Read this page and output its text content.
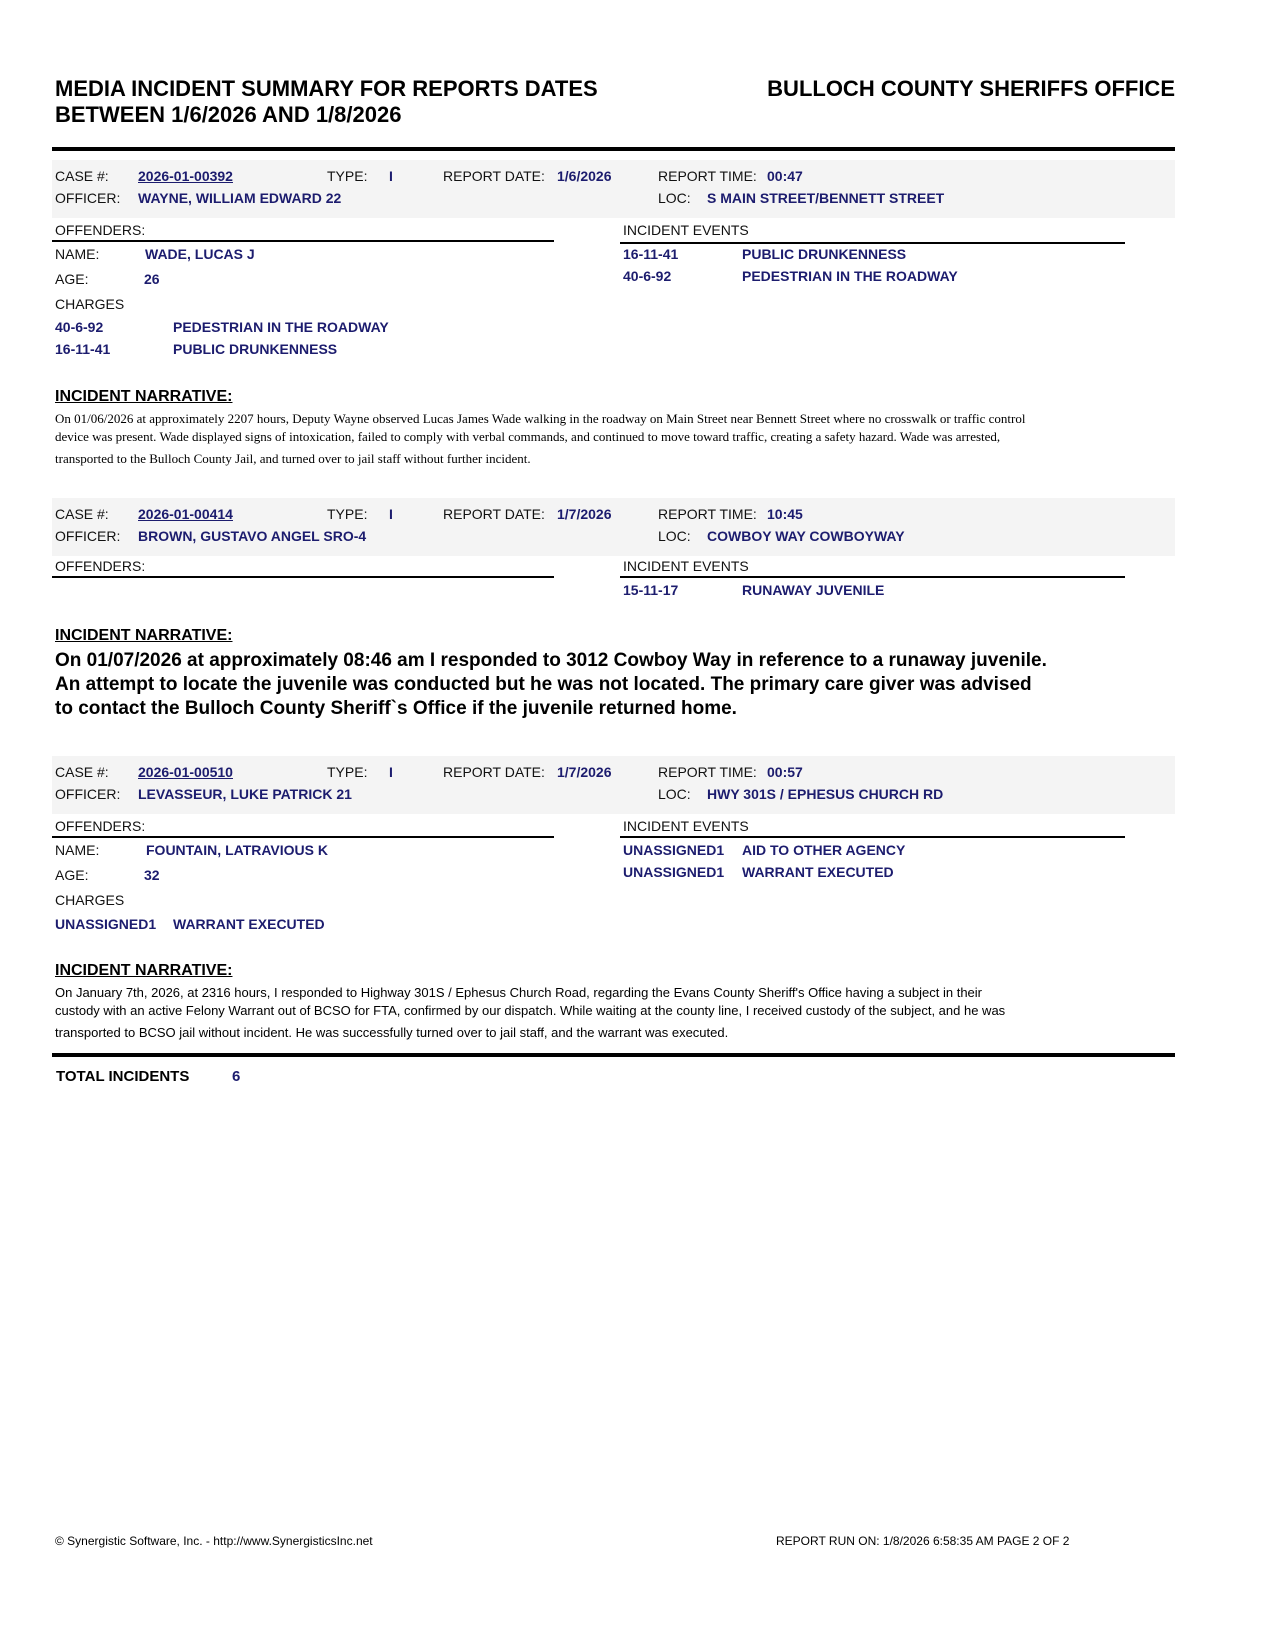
MEDIA INCIDENT SUMMARY FOR REPORTS DATES
BETWEEN 1/6/2026 AND 1/8/2026
BULLOCH COUNTY SHERIFFS OFFICE
CASE #: 2026-01-00392	TYPE: I	REPORT DATE: 1/6/2026	REPORT TIME: 00:47
OFFICER: WAYNE, WILLIAM EDWARD 22	LOC: S MAIN STREET/BENNETT STREET
OFFENDERS:	INCIDENT EVENTS
NAME:	WADE, LUCAS J
AGE:	26
CHARGES
40-6-92	PEDESTRIAN IN THE ROADWAY
16-11-41	PUBLIC DRUNKENNESS
16-11-41	PUBLIC DRUNKENNESS
40-6-92	PEDESTRIAN IN THE ROADWAY
INCIDENT NARRATIVE:
On 01/06/2026 at approximately 2207 hours, Deputy Wayne observed Lucas James Wade walking in the roadway on Main Street near Bennett Street where no crosswalk or traffic control
device was present. Wade displayed signs of intoxication, failed to comply with verbal commands, and continued to move toward traffic, creating a safety hazard. Wade was arrested,
transported to the Bulloch County Jail, and turned over to jail staff without further incident.
CASE #: 2026-01-00414	TYPE: I	REPORT DATE: 1/7/2026	REPORT TIME: 10:45
OFFICER: BROWN, GUSTAVO ANGEL SRO-4	LOC: COWBOY WAY COWBOYWAY
OFFENDERS:	INCIDENT EVENTS
15-11-17	RUNAWAY JUVENILE
INCIDENT NARRATIVE:
On 01/07/2026 at approximately 08:46 am I responded to 3012 Cowboy Way in reference to a runaway juvenile.
An attempt to locate the juvenile was conducted but he was not located. The primary care giver was advised
to contact the Bulloch County Sheriff`s Office if the juvenile returned home.
CASE #: 2026-01-00510	TYPE: I	REPORT DATE: 1/7/2026	REPORT TIME: 00:57
OFFICER: LEVASSEUR, LUKE PATRICK 21	LOC: HWY 301S / EPHESUS CHURCH RD
OFFENDERS:	INCIDENT EVENTS
NAME:	FOUNTAIN, LATRAVIOUS K
AGE:	32
CHARGES
UNASSIGNED1 WARRANT EXECUTED
UNASSIGNED1 AID TO OTHER AGENCY
UNASSIGNED1 WARRANT EXECUTED
INCIDENT NARRATIVE:
On January 7th, 2026, at 2316 hours, I responded to Highway 301S / Ephesus Church Road, regarding the Evans County Sheriff's Office having a subject in their
custody with an active Felony Warrant out of BCSO for FTA, confirmed by our dispatch. While waiting at the county line, I received custody of the subject, and he was
transported to BCSO jail without incident. He was successfully turned over to jail staff, and the warrant was executed.
TOTAL INCIDENTS	6
© Synergistic Software, Inc. - http://www.SynergisticsInc.net	REPORT RUN ON: 1/8/2026 6:58:35 AM PAGE 2 OF 2
